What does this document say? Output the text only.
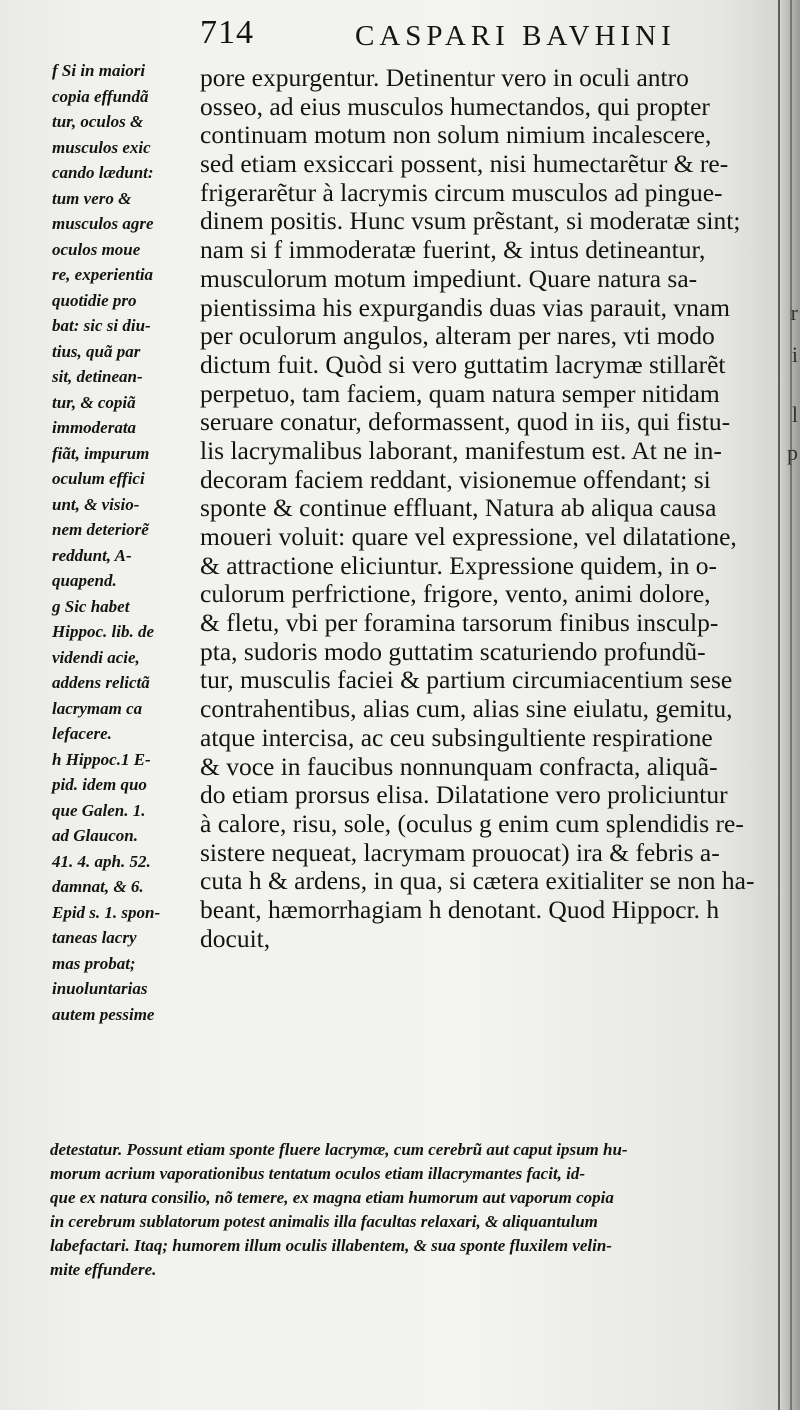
r
i
l
p
714	CASPARI BAVHINI
f Si in maiori
copia effundã
tur, oculos &
musculos exic
cando lædunt:
tum vero &
musculos agre
oculos moue
re, experientia
quotidie pro
bat: sic si diu-
tius, quã par
sit, detinean-
tur, & copiã
immoderata
fiãt, impurum
oculum effici
unt, & visio-
nem deteriorẽ
reddunt, A-
quapend.
g Sic habet
Hippoc. lib. de
videndi acie,
addens relictã
lacrymam ca
lefacere.
h Hippoc.1 E-
pid. idem quo
que Galen. 1.
ad Glaucon.
41. 4. aph. 52.
damnat, & 6.
Epid s. 1. spon-
taneas lacry
mas probat;
inuoluntarias
autem pessime
pore expurgentur. Detinentur vero in oculi antro
osseo, ad eius musculos humectandos, qui propter
continuam motum non solum nimium incalescere,
sed etiam exsiccari possent, nisi humectarẽtur & re-
frigerarẽtur à lacrymis circum musculos ad pingue-
dinem positis. Hunc vsum prẽstant, si moderatæ sint;
nam si f immoderatæ fuerint, & intus detineantur,
musculorum motum impediunt. Quare natura sa-
pientissima his expurgandis duas vias parauit, vnam
per oculorum angulos, alteram per nares, vti modo
dictum fuit. Quòd si vero guttatim lacrymæ stillarẽt
perpetuo, tam faciem, quam natura semper nitidam
seruare conatur, deformassent, quod in iis, qui fistu-
lis lacrymalibus laborant, manifestum est. At ne in-
decoram faciem reddant, visionemue offendant; si
sponte & continue effluant, Natura ab aliqua causa
moueri voluit: quare vel expressione, vel dilatatione,
& attractione eliciuntur. Expressione quidem, in o-
culorum perfrictione, frigore, vento, animi dolore,
& fletu, vbi per foramina tarsorum finibus insculp-
pta, sudoris modo guttatim scaturiendo profundũ-
tur, musculis faciei & partium circumiacentium sese
contrahentibus, alias cum, alias sine eiulatu, gemitu,
atque intercisa, ac ceu subsingultiente respiratione
& voce in faucibus nonnunquam confracta, aliquã-
do etiam prorsus elisa. Dilatatione vero proliciuntur
à calore, risu, sole, (oculus g enim cum splendidis re-
sistere nequeat, lacrymam prouocat) ira & febris a-
cuta h & ardens, in qua, si cætera exitialiter se non ha-
beant, hæmorrhagiam h denotant. Quod Hippocr. h
docuit,
detestatur. Possunt etiam sponte fluere lacrymæ, cum cerebrũ aut caput ipsum hu-
morum acrium vaporationibus tentatum oculos etiam illacrymantes facit, id-
que ex natura consilio, nõ temere, ex magna etiam humorum aut vaporum copia
in cerebrum sublatorum potest animalis illa facultas relaxari, & aliquantulum
labefactari. Itaq; humorem illum oculis illabentem, & sua sponte fluxilem velin-
mite effundere.
